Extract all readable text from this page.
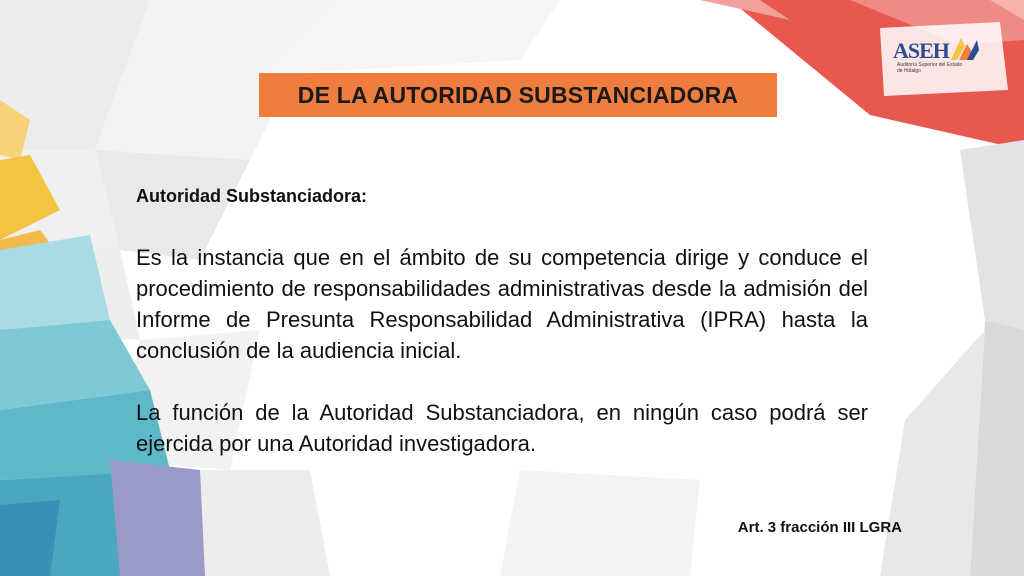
ASEH
Auditoría Superior del Estado de Hidalgo
DE LA AUTORIDAD SUBSTANCIADORA
Autoridad Substanciadora:
Es la instancia que en el ámbito de su competencia dirige y conduce el procedimiento de responsabilidades administrativas desde la admisión del Informe de Presunta Responsabilidad Administrativa (IPRA) hasta la conclusión de la audiencia inicial.
La función de la Autoridad Substanciadora, en ningún caso podrá ser ejercida por una Autoridad investigadora.
Art. 3 fracción III LGRA
